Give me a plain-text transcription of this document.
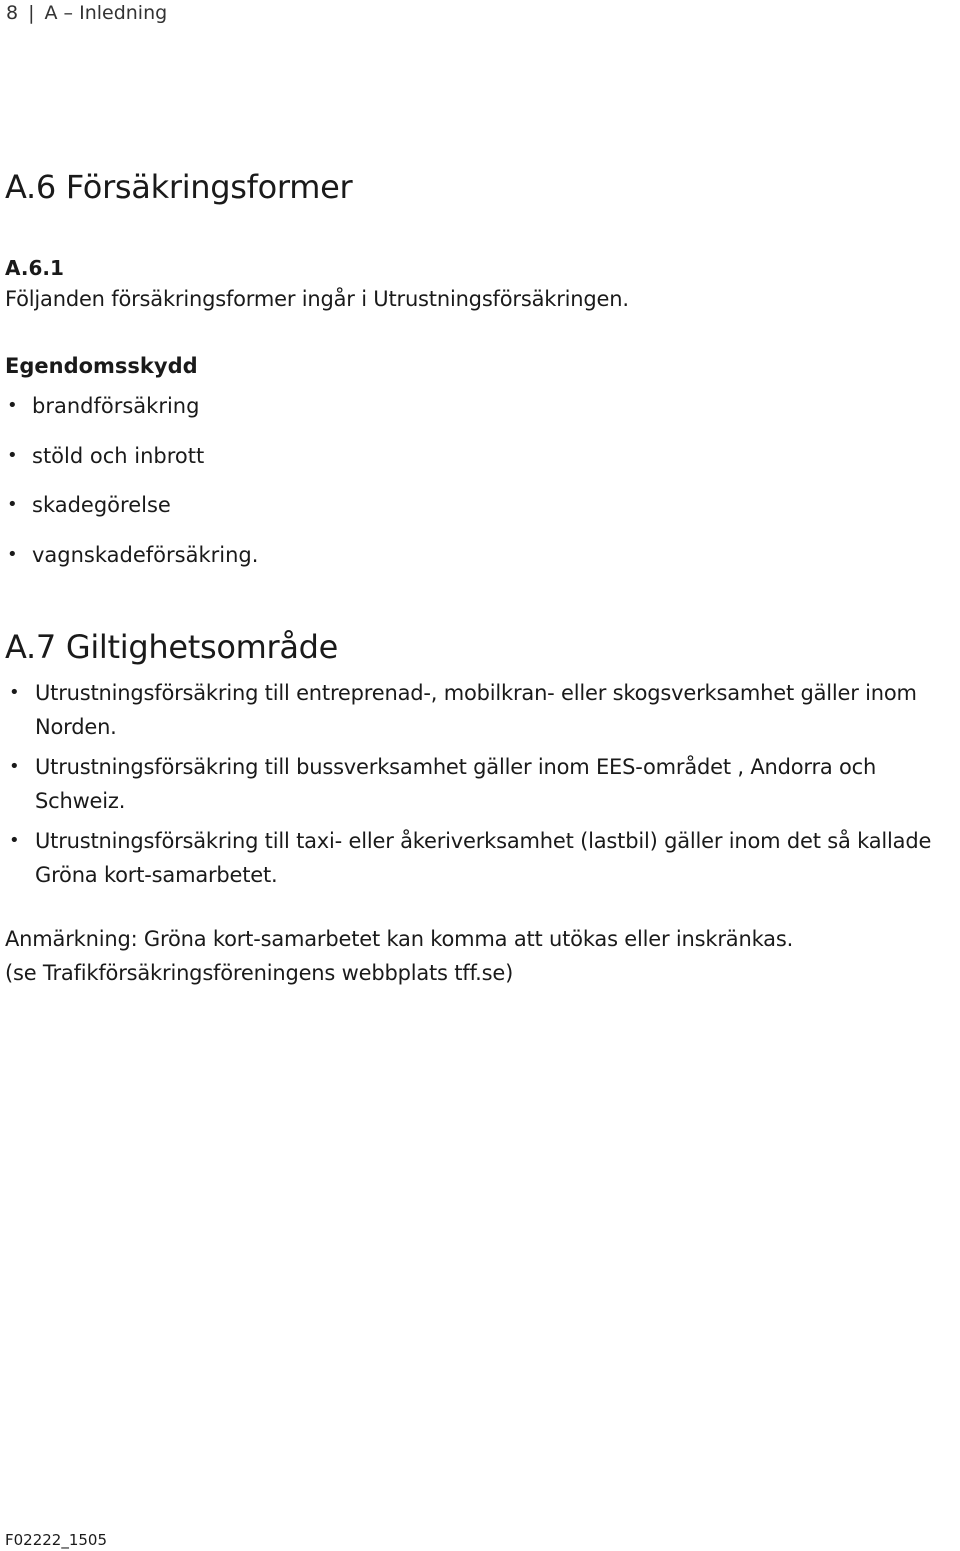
8 | A – Inledning
A.6 Försäkringsformer
A.6.1
Följanden försäkringsformer ingår i Utrustningsförsäkringen.
Egendomsskydd
• brandförsäkring
• stöld och inbrott
• skadegörelse
• vagnskadeförsäkring.
A.7 Giltighetsområde
• Utrustningsförsäkring till entreprenad-, mobilkran- eller skogsverksamhet gäller inom Norden.
• Utrustningsförsäkring till bussverksamhet gäller inom EES-området , Andorra och Schweiz.
• Utrustningsförsäkring till taxi- eller åkeriverksamhet (lastbil) gäller inom det så kallade Gröna kort-samarbetet.
Anmärkning: Gröna kort-samarbetet kan komma att utökas eller inskränkas.
(se Trafikförsäkringsföreningens webbplats tff.se)
F02222_1505
